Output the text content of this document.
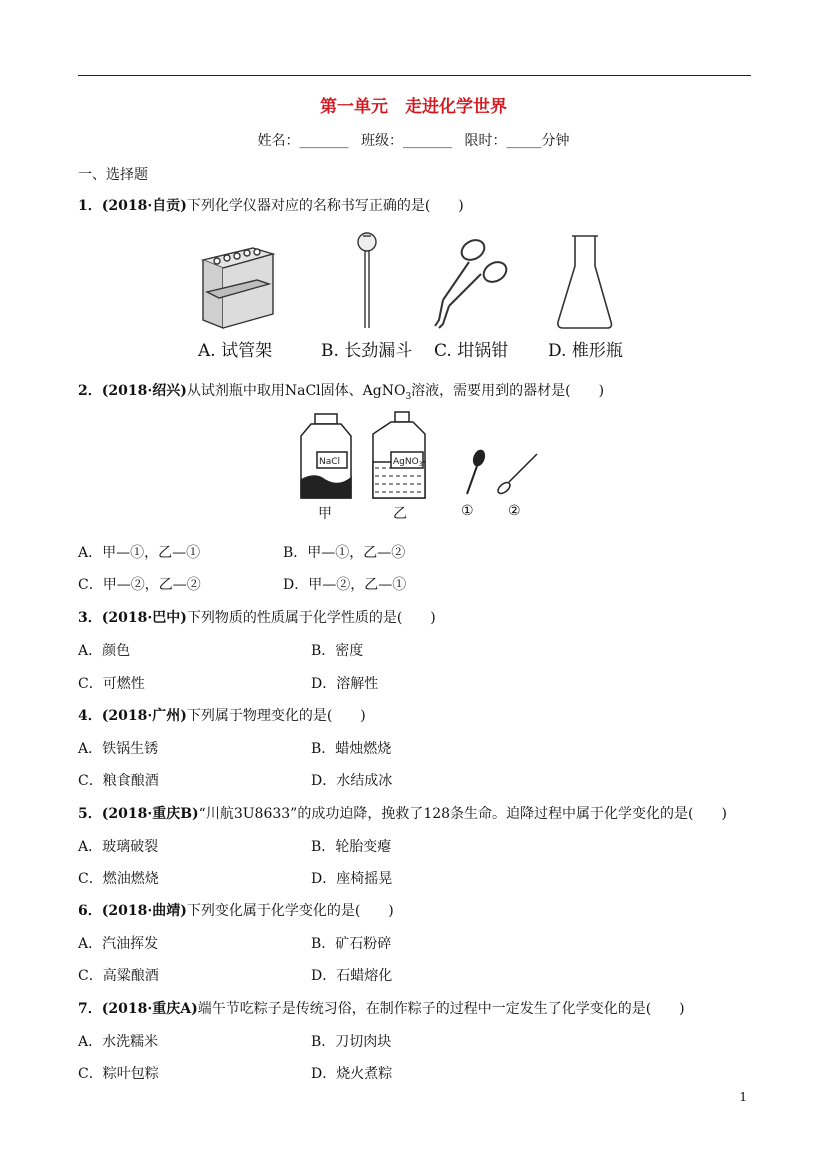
第一单元　走进化学世界
姓名：_______ 班级：_______ 限时：_____分钟
一、选择题
1．(2018·自贡)下列化学仪器对应的名称书写正确的是(　　)
A. 试管架	B. 长劲漏斗 C. 坩锅钳 D. 椎形瓶
2．(2018·绍兴)从试剂瓶中取用NaCl固体、AgNO$_3$溶液，需要用到的器材是(　　)
NaCl	AgNO$_3$
甲	乙	① ②
A．甲—①，乙—①	B．甲—①，乙—②
C．甲—②，乙—②	D．甲—②，乙—①
3．(2018·巴中)下列物质的性质属于化学性质的是(　　)
A．颜色	B．密度
C．可燃性	D．溶解性
4．(2018·广州)下列属于物理变化的是(　　)
A．铁锅生锈	B．蜡烛燃烧
C．粮食酿酒	D．水结成冰
5．(2018·重庆B)“川航3U8633”的成功迫降，挽救了128条生命。迫降过程中属于化学变化的是(　　)
A．玻璃破裂	B．轮胎变瘪
C．燃油燃烧	D．座椅摇晃
6．(2018·曲靖)下列变化属于化学变化的是(　　)
A．汽油挥发	B．矿石粉碎
C．高粱酿酒	D．石蜡熔化
7．(2018·重庆A)端午节吃粽子是传统习俗，在制作粽子的过程中一定发生了化学变化的是(　　)
A．水洗糯米	B．刀切肉块
C．粽叶包粽	D．烧火煮粽
1
